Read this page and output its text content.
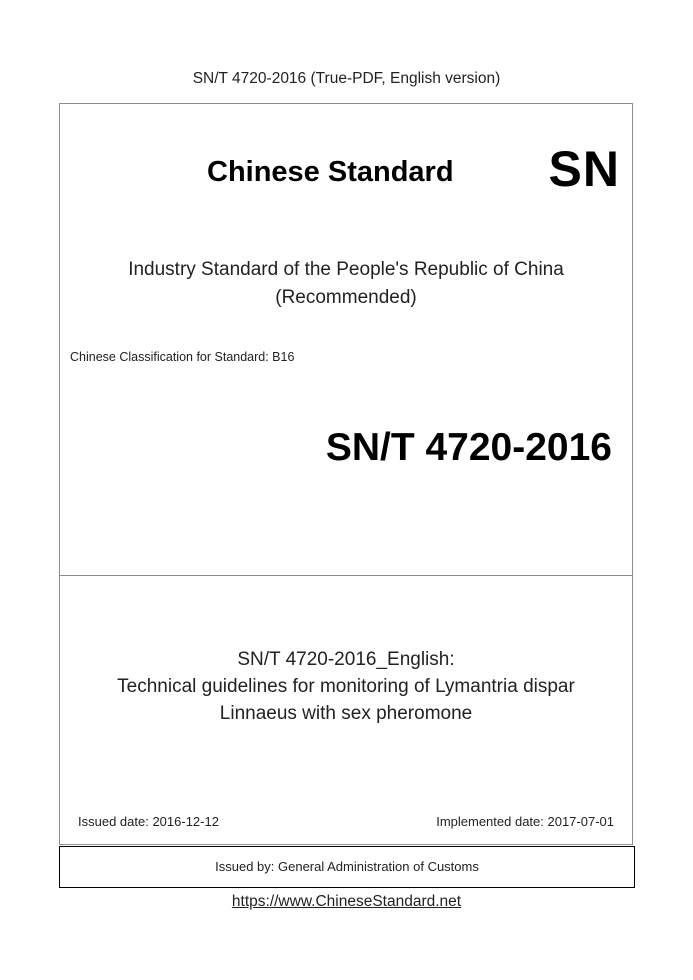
SN/T 4720-2016 (True-PDF, English version)
Chinese Standard SN
Industry Standard of the People's Republic of China
(Recommended)
Chinese Classification for Standard: B16
SN/T 4720-2016
SN/T 4720-2016_English:
Technical guidelines for monitoring of Lymantria dispar
Linnaeus with sex pheromone
Issued date: 2016-12-12	Implemented date: 2017-07-01
Issued by: General Administration of Customs
https://www.ChineseStandard.net
